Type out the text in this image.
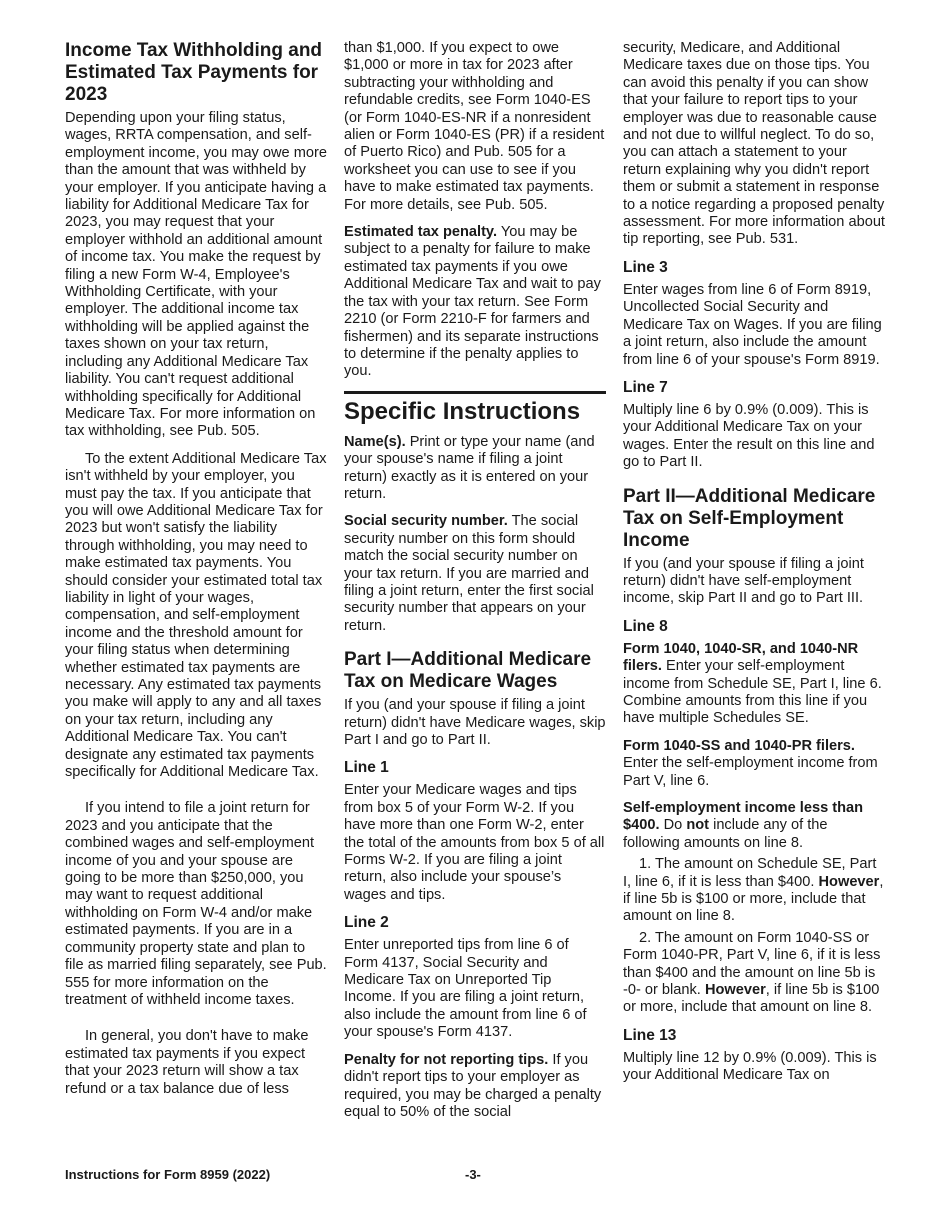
Income Tax Withholding and Estimated Tax Payments for 2023

Depending upon your filing status, wages, RRTA compensation, and self-employment income, you may owe more than the amount that was withheld by your employer. If you anticipate having a liability for Additional Medicare Tax for 2023, you may request that your employer withhold an additional amount of income tax. You make the request by filing a new Form W-4, Employee's Withholding Certificate, with your employer. The additional income tax withholding will be applied against the taxes shown on your tax return, including any Additional Medicare Tax liability. You can't request additional withholding specifically for Additional Medicare Tax. For more information on tax withholding, see Pub. 505.

To the extent Additional Medicare Tax isn't withheld by your employer, you must pay the tax. If you anticipate that you will owe Additional Medicare Tax for 2023 but won't satisfy the liability through withholding, you may need to make estimated tax payments. You should consider your estimated total tax liability in light of your wages, compensation, and self-employment income and the threshold amount for your filing status when determining whether estimated tax payments are necessary. Any estimated tax payments you make will apply to any and all taxes on your tax return, including any Additional Medicare Tax. You can't designate any estimated tax payments specifically for Additional Medicare Tax.

If you intend to file a joint return for 2023 and you anticipate that the combined wages and self-employment income of you and your spouse are going to be more than $250,000, you may want to request additional withholding on Form W-4 and/or make estimated payments. If you are in a community property state and plan to file as married filing separately, see Pub. 555 for more information on the treatment of withheld income taxes.

In general, you don't have to make estimated tax payments if you expect that your 2023 return will show a tax refund or a tax balance due of less

than $1,000. If you expect to owe $1,000 or more in tax for 2023 after subtracting your withholding and refundable credits, see Form 1040-ES (or Form 1040-ES-NR if a nonresident alien or Form 1040-ES (PR) if a resident of Puerto Rico) and Pub. 505 for a worksheet you can use to see if you have to make estimated tax payments. For more details, see Pub. 505.

Estimated tax penalty. You may be subject to a penalty for failure to make estimated tax payments if you owe Additional Medicare Tax and wait to pay the tax with your tax return. See Form 2210 (or Form 2210-F for farmers and fishermen) and its separate instructions to determine if the penalty applies to you.

Specific Instructions

Name(s). Print or type your name (and your spouse's name if filing a joint return) exactly as it is entered on your return.

Social security number. The social security number on this form should match the social security number on your tax return. If you are married and filing a joint return, enter the first social security number that appears on your return.

Part I—Additional Medicare Tax on Medicare Wages

If you (and your spouse if filing a joint return) didn't have Medicare wages, skip Part I and go to Part II.

Line 1

Enter your Medicare wages and tips from box 5 of your Form W-2. If you have more than one Form W-2, enter the total of the amounts from box 5 of all Forms W-2. If you are filing a joint return, also include your spouse’s wages and tips.

Line 2

Enter unreported tips from line 6 of Form 4137, Social Security and Medicare Tax on Unreported Tip Income. If you are filing a joint return, also include the amount from line 6 of your spouse's Form 4137.

Penalty for not reporting tips. If you didn't report tips to your employer as required, you may be charged a penalty equal to 50% of the social

security, Medicare, and Additional Medicare taxes due on those tips. You can avoid this penalty if you can show that your failure to report tips to your employer was due to reasonable cause and not due to willful neglect. To do so, you can attach a statement to your return explaining why you didn't report them or submit a statement in response to a notice regarding a proposed penalty assessment. For more information about tip reporting, see Pub. 531.

Line 3

Enter wages from line 6 of Form 8919, Uncollected Social Security and Medicare Tax on Wages. If you are filing a joint return, also include the amount from line 6 of your spouse's Form 8919.

Line 7

Multiply line 6 by 0.9% (0.009). This is your Additional Medicare Tax on your wages. Enter the result on this line and go to Part II.

Part II—Additional Medicare Tax on Self-Employment Income

If you (and your spouse if filing a joint return) didn't have self-employment income, skip Part II and go to Part III.

Line 8

Form 1040, 1040-SR, and 1040-NR filers. Enter your self-employment income from Schedule SE, Part I, line 6. Combine amounts from this line if you have multiple Schedules SE.

Form 1040-SS and 1040-PR filers. Enter the self-employment income from Part V, line 6.

Self-employment income less than $400. Do not include any of the following amounts on line 8.

1. The amount on Schedule SE, Part I, line 6, if it is less than $400. However, if line 5b is $100 or more, include that amount on line 8.

2. The amount on Form 1040-SS or Form 1040-PR, Part V, line 6, if it is less than $400 and the amount on line 5b is -0- or blank. However, if line 5b is $100 or more, include that amount on line 8.

Line 13

Multiply line 12 by 0.9% (0.009). This is your Additional Medicare Tax on

Instructions for Form 8959 (2022)	-3-
